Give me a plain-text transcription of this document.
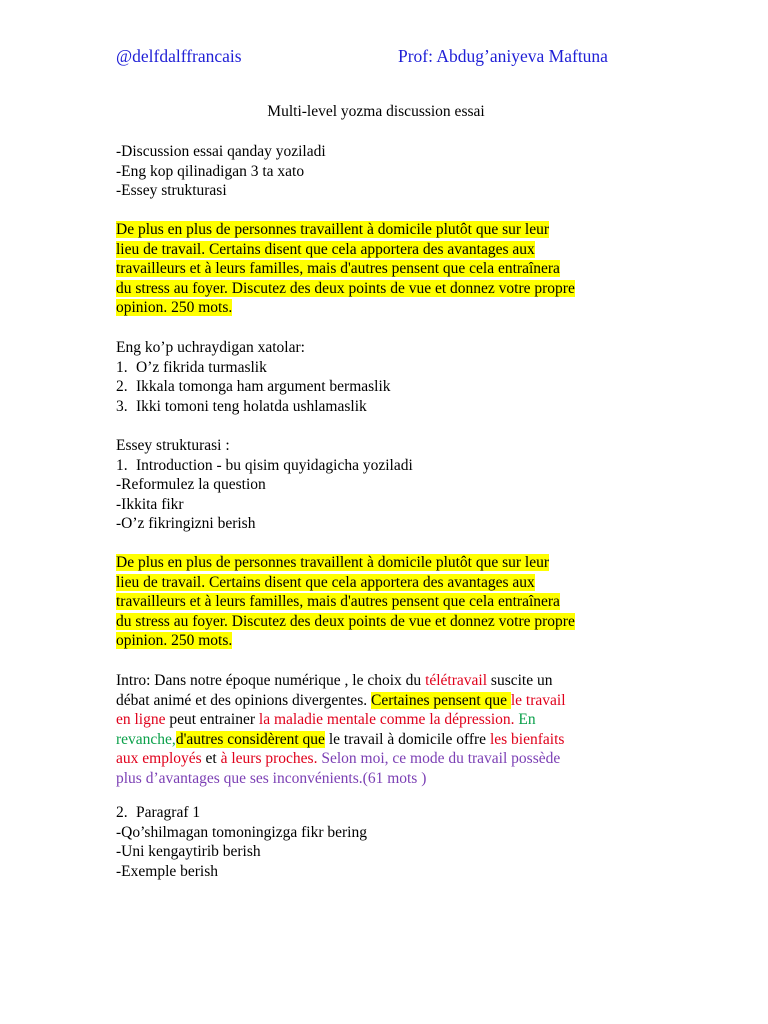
@delfdalffrancais	Prof: Abdug’aniyeva Maftuna
Multi-level yozma discussion essai
-Discussion essai qanday yoziladi
-Eng kop qilinadigan 3 ta xato
-Essey strukturasi
De plus en plus de personnes travaillent à domicile plutôt que sur leur
lieu de travail. Certains disent que cela apportera des avantages aux
travailleurs et à leurs familles, mais d'autres pensent que cela entraînera
du stress au foyer. Discutez des deux points de vue et donnez votre propre
opinion. 250 mots.
Eng ko’p uchraydigan xatolar:
1. O’z fikrida turmaslik
2. Ikkala tomonga ham argument bermaslik
3. Ikki tomoni teng holatda ushlamaslik
Essey strukturasi :
1. Introduction - bu qisim quyidagicha yoziladi
-Reformulez la question
-Ikkita fikr
-O’z fikringizni berish
De plus en plus de personnes travaillent à domicile plutôt que sur leur
lieu de travail. Certains disent que cela apportera des avantages aux
travailleurs et à leurs familles, mais d'autres pensent que cela entraînera
du stress au foyer. Discutez des deux points de vue et donnez votre propre
opinion. 250 mots.
Intro: Dans notre époque numérique , le choix du télétravail suscite un
débat animé et des opinions divergentes. Certaines pensent que le travail
en ligne peut entrainer la maladie mentale comme la dépression. En
revanche,d'autres considèrent que le travail à domicile offre les bienfaits
aux employés et à leurs proches. Selon moi, ce mode du travail possède
plus d’avantages que ses inconvénients.(61 mots )
2. Paragraf 1
-Qo’shilmagan tomoningizga fikr bering
-Uni kengaytirib berish
-Exemple berish
